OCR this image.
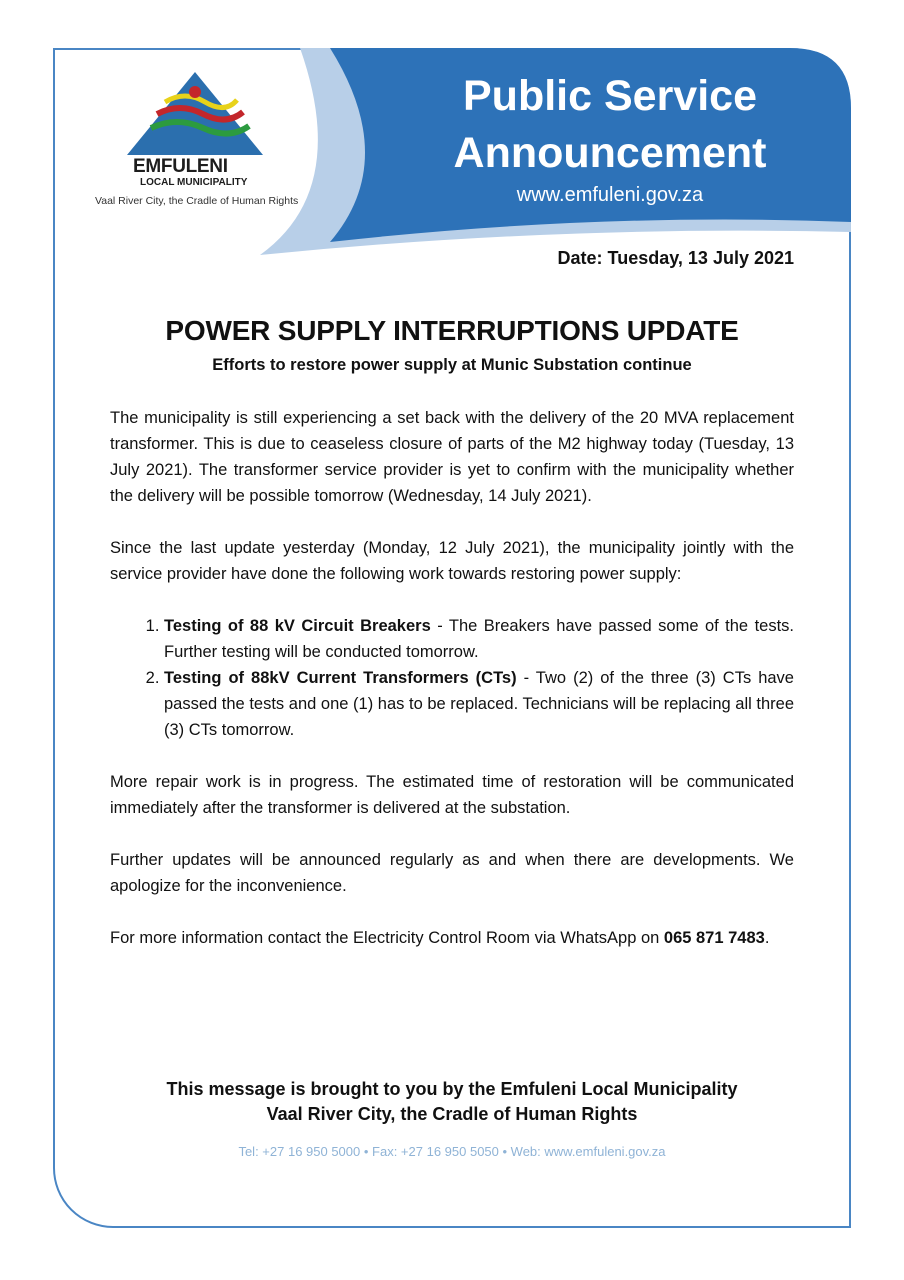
Public Service
Announcement
www.emfuleni.gov.za
EMFULENI
LOCAL MUNICIPALITY
Vaal River City, the Cradle of Human Rights
Date: Tuesday, 13 July 2021
POWER SUPPLY INTERRUPTIONS UPDATE
Efforts to restore power supply at Munic Substation continue

The municipality is still experiencing a set back with the delivery of the 20 MVA replacement transformer. This is due to ceaseless closure of parts of the M2 highway today (Tuesday, 13 July 2021). The transformer service provider is yet to confirm with the municipality whether the delivery will be possible tomorrow (Wednesday, 14 July 2021).

Since the last update yesterday (Monday, 12 July 2021), the municipality jointly with the service provider have done the following work towards restoring power supply:

1. Testing of 88 kV Circuit Breakers - The Breakers have passed some of the tests. Further testing will be conducted tomorrow.
2. Testing of 88kV Current Transformers (CTs) - Two (2) of the three (3) CTs have passed the tests and one (1) has to be replaced. Technicians will be replacing all three (3) CTs tomorrow.

More repair work is in progress. The estimated time of restoration will be communicated immediately after the transformer is delivered at the substation.

Further updates will be announced regularly as and when there are developments. We apologize for the inconvenience.

For more information contact the Electricity Control Room via WhatsApp on 065 871 7483.

This message is brought to you by the Emfuleni Local Municipality
Vaal River City, the Cradle of Human Rights
Tel: +27 16 950 5000 • Fax: +27 16 950 5050 • Web: www.emfuleni.gov.za
